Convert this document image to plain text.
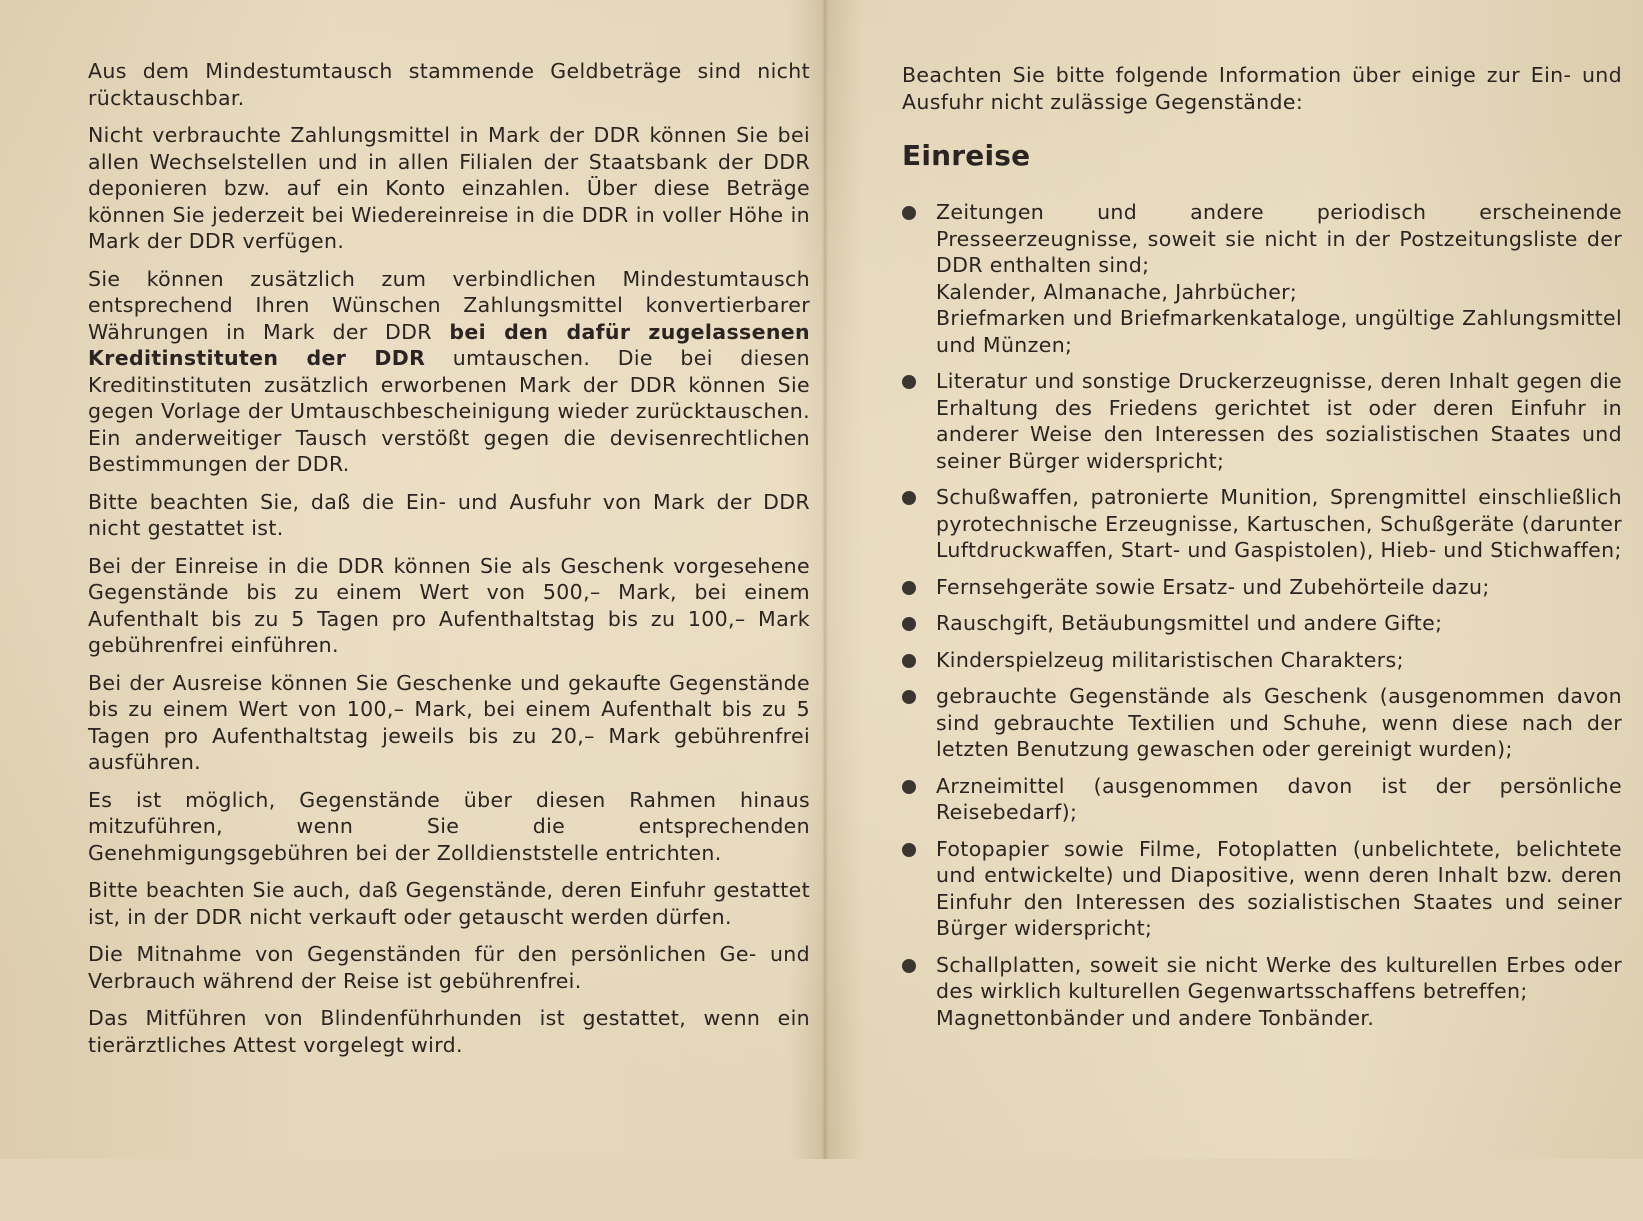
Aus dem Mindestumtausch stammende Geldbeträge sind nicht rücktauschbar.

Nicht verbrauchte Zahlungsmittel in Mark der DDR können Sie bei allen Wechselstellen und in allen Filialen der Staatsbank der DDR deponieren bzw. auf ein Konto einzahlen. Über diese Beträge können Sie jederzeit bei Wiedereinreise in die DDR in voller Höhe in Mark der DDR verfügen.

Sie können zusätzlich zum verbindlichen Mindestumtausch entsprechend Ihren Wünschen Zahlungsmittel konvertierbarer Währungen in Mark der DDR bei den dafür zugelassenen Kreditinstituten der DDR umtauschen. Die bei diesen Kreditinstituten zusätzlich erworbenen Mark der DDR können Sie gegen Vorlage der Umtauschbescheinigung wieder zurücktauschen. Ein anderweitiger Tausch verstößt gegen die devisenrechtlichen Bestimmungen der DDR.

Bitte beachten Sie, daß die Ein- und Ausfuhr von Mark der DDR nicht gestattet ist.

Bei der Einreise in die DDR können Sie als Geschenk vorgesehene Gegenstände bis zu einem Wert von 500,– Mark, bei einem Aufenthalt bis zu 5 Tagen pro Aufenthaltstag bis zu 100,– Mark gebührenfrei einführen.

Bei der Ausreise können Sie Geschenke und gekaufte Gegenstände bis zu einem Wert von 100,– Mark, bei einem Aufenthalt bis zu 5 Tagen pro Aufenthaltstag jeweils bis zu 20,– Mark gebührenfrei ausführen.

Es ist möglich, Gegenstände über diesen Rahmen hinaus mitzuführen, wenn Sie die entsprechenden Genehmigungsgebühren bei der Zolldienststelle entrichten.

Bitte beachten Sie auch, daß Gegenstände, deren Einfuhr gestattet ist, in der DDR nicht verkauft oder getauscht werden dürfen.

Die Mitnahme von Gegenständen für den persönlichen Ge- und Verbrauch während der Reise ist gebührenfrei.

Das Mitführen von Blindenführhunden ist gestattet, wenn ein tierärztliches Attest vorgelegt wird.

Beachten Sie bitte folgende Information über einige zur Ein- und Ausfuhr nicht zulässige Gegenstände:

Einreise
Zeitungen und andere periodisch erscheinende Presseerzeugnisse, soweit sie nicht in der Postzeitungsliste der DDR enthalten sind;
Kalender, Almanache, Jahrbücher;
Briefmarken und Briefmarkenkataloge, ungültige Zahlungsmittel und Münzen;
Literatur und sonstige Druckerzeugnisse, deren Inhalt gegen die Erhaltung des Friedens gerichtet ist oder deren Einfuhr in anderer Weise den Interessen des sozialistischen Staates und seiner Bürger widerspricht;
Schußwaffen, patronierte Munition, Sprengmittel einschließlich pyrotechnische Erzeugnisse, Kartuschen, Schußgeräte (darunter Luftdruckwaffen, Start- und Gaspistolen), Hieb- und Stichwaffen;
Fernsehgeräte sowie Ersatz- und Zubehörteile dazu;
Rauschgift, Betäubungsmittel und andere Gifte;
Kinderspielzeug militaristischen Charakters;
gebrauchte Gegenstände als Geschenk (ausgenommen davon sind gebrauchte Textilien und Schuhe, wenn diese nach der letzten Benutzung gewaschen oder gereinigt wurden);
Arzneimittel (ausgenommen davon ist der persönliche Reisebedarf);
Fotopapier sowie Filme, Fotoplatten (unbelichtete, belichtete und entwickelte) und Diapositive, wenn deren Inhalt bzw. deren Einfuhr den Interessen des sozialistischen Staates und seiner Bürger widerspricht;
Schallplatten, soweit sie nicht Werke des kulturellen Erbes oder des wirklich kulturellen Gegenwartsschaffens betreffen;
Magnettonbänder und andere Tonbänder.
